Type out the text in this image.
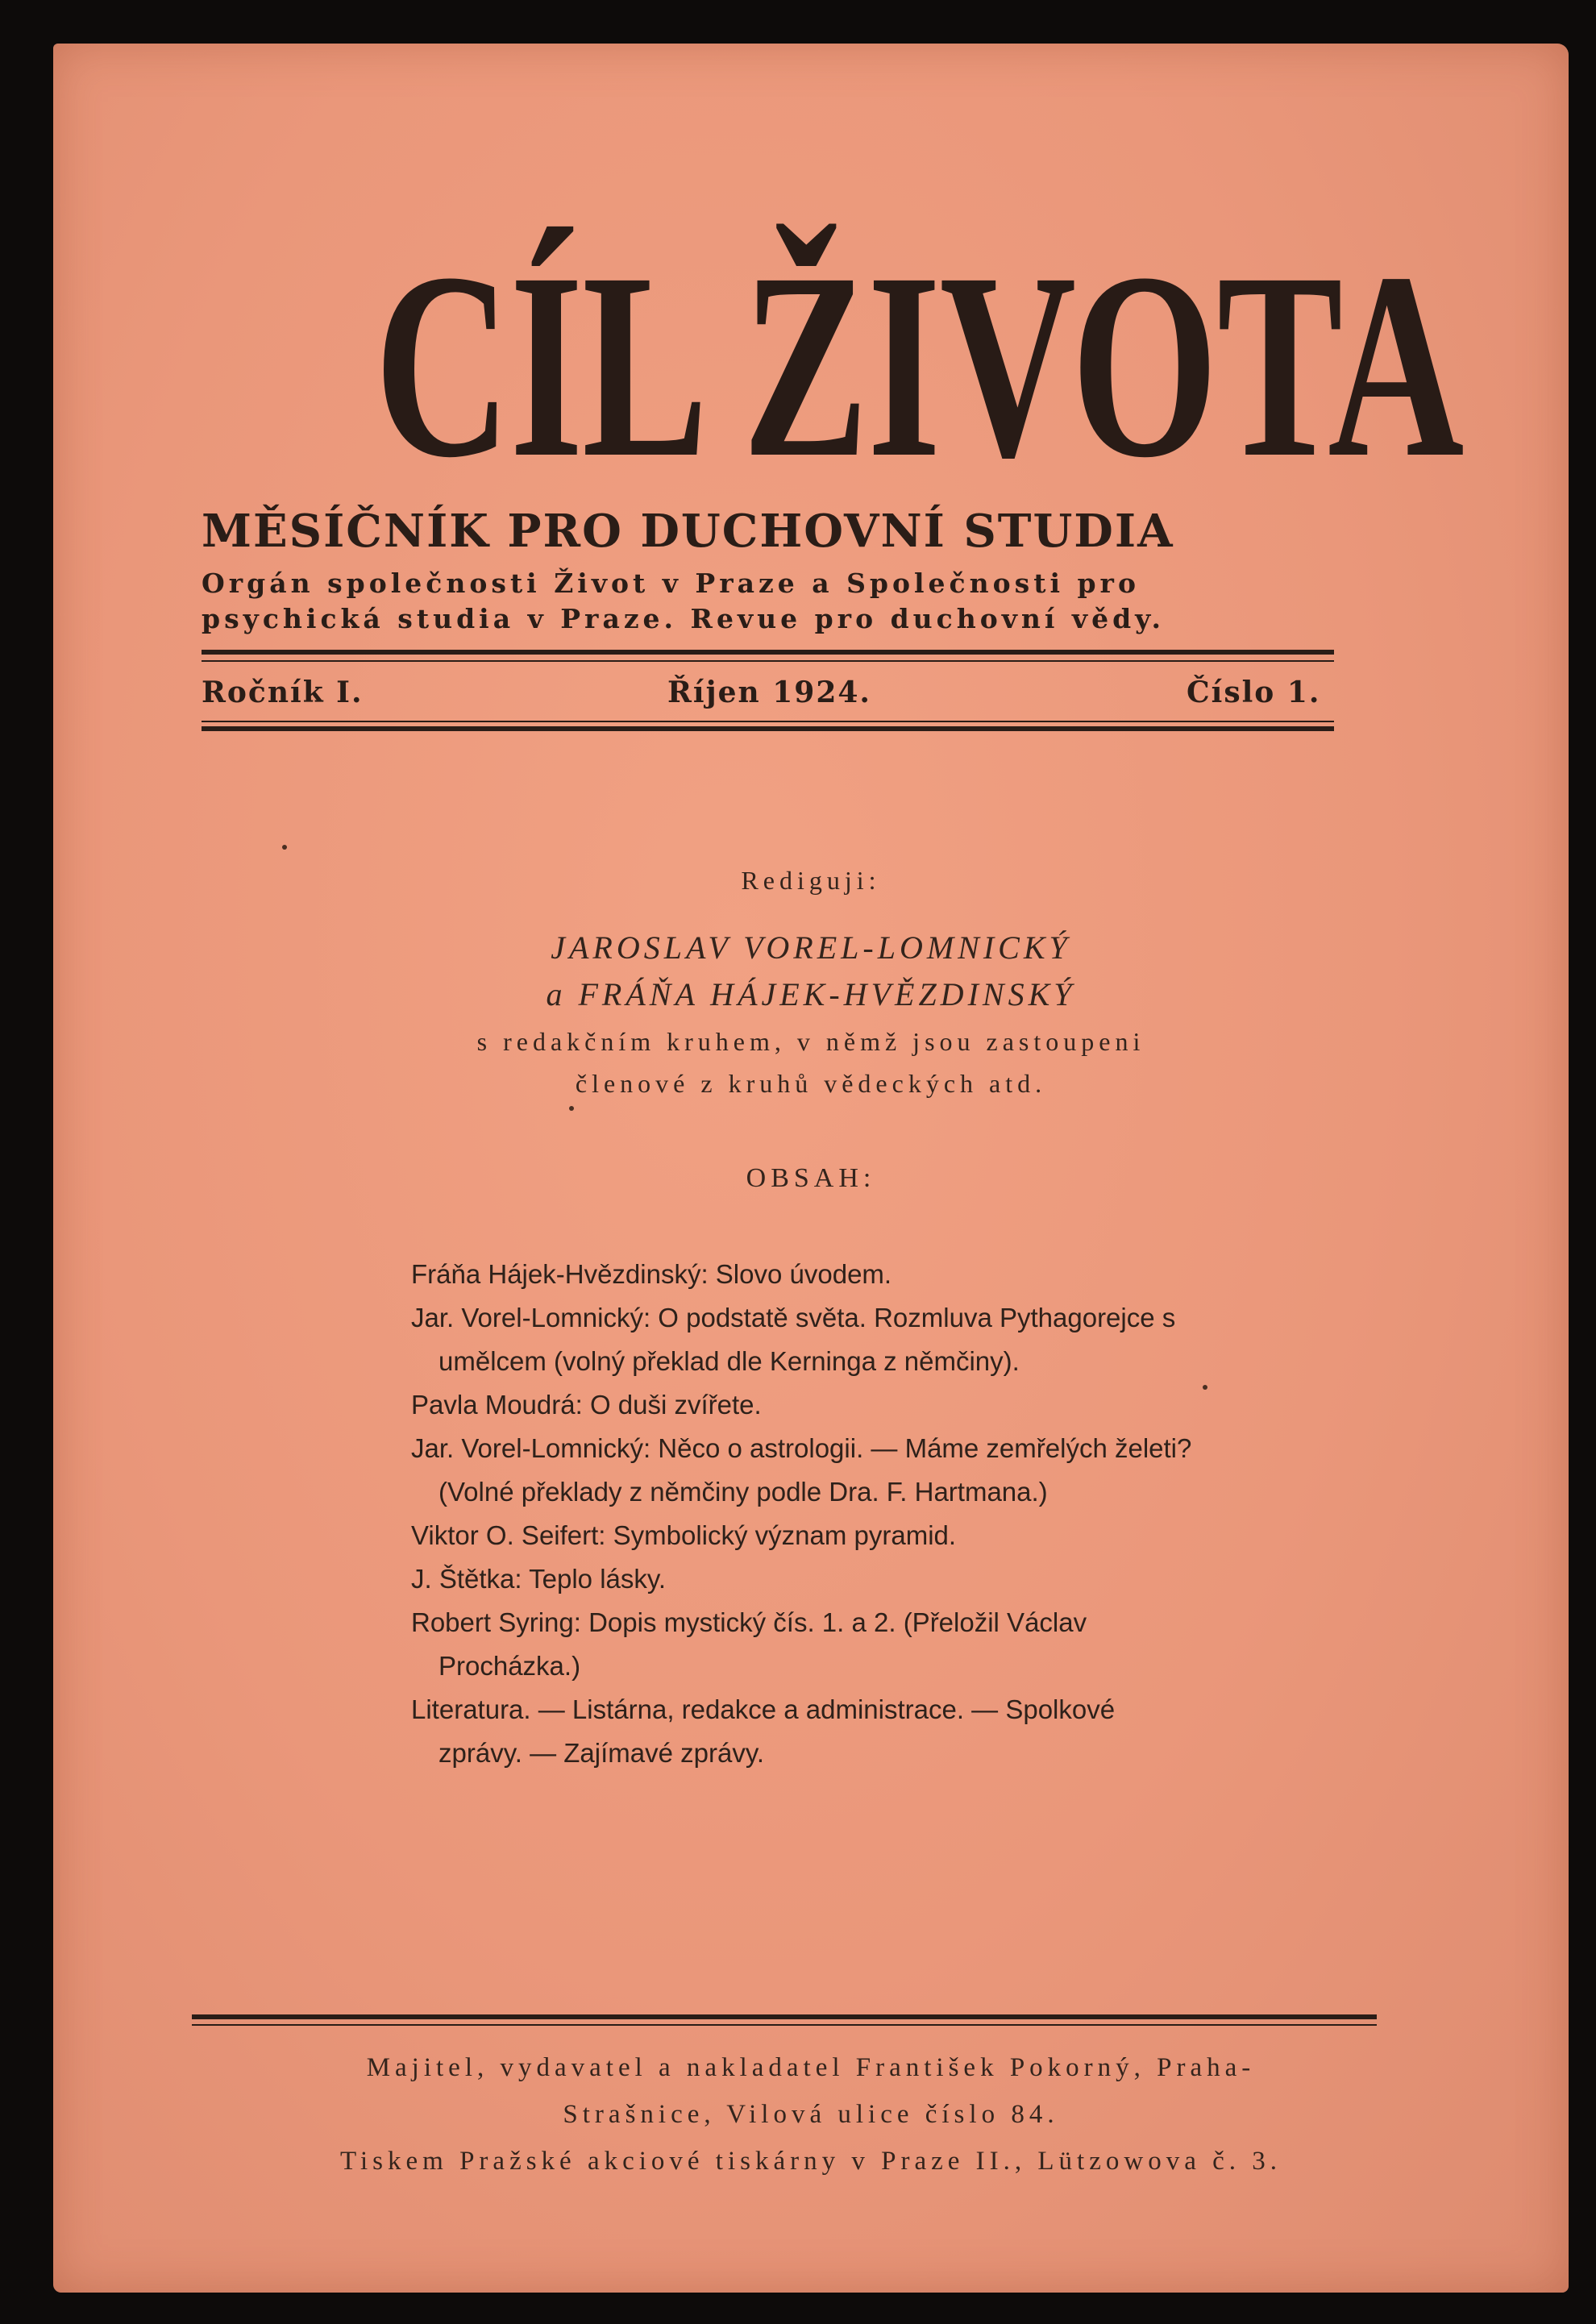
CÍL ŽIVOTA
MĚSÍČNÍK PRO DUCHOVNÍ STUDIA
Orgán společnosti Život v Praze a Společnosti pro
psychická studia v Praze. Revue pro duchovní vědy.
Ročník I.	Říjen 1924.	Číslo 1.
Rediguji:
JAROSLAV VOREL-LOMNICKÝ
a FRÁŇA HÁJEK-HVĚZDINSKÝ
s redakčním kruhem, v němž jsou zastoupeni
členové z kruhů vědeckých atd.
OBSAH:
Fráňa Hájek-Hvězdinský: Slovo úvodem.
Jar. Vorel-Lomnický: O podstatě světa. Rozmluva Pythagorejce s umělcem (volný překlad dle Kerninga z němčiny).
Pavla Moudrá: O duši zvířete.
Jar. Vorel-Lomnický: Něco o astrologii. — Máme zemřelých želeti? (Volné překlady z němčiny podle Dra. F. Hartmana.)
Viktor O. Seifert: Symbolický význam pyramid.
J. Štětka: Teplo lásky.
Robert Syring: Dopis mystický čís. 1. a 2. (Přeložil Václav Procházka.)
Literatura. — Listárna, redakce a administrace. — Spolkové zprávy. — Zajímavé zprávy.
Majitel, vydavatel a nakladatel František Pokorný, Praha-
Strašnice, Vilová ulice číslo 84.
Tiskem Pražské akciové tiskárny v Praze II., Lützowova č. 3.
